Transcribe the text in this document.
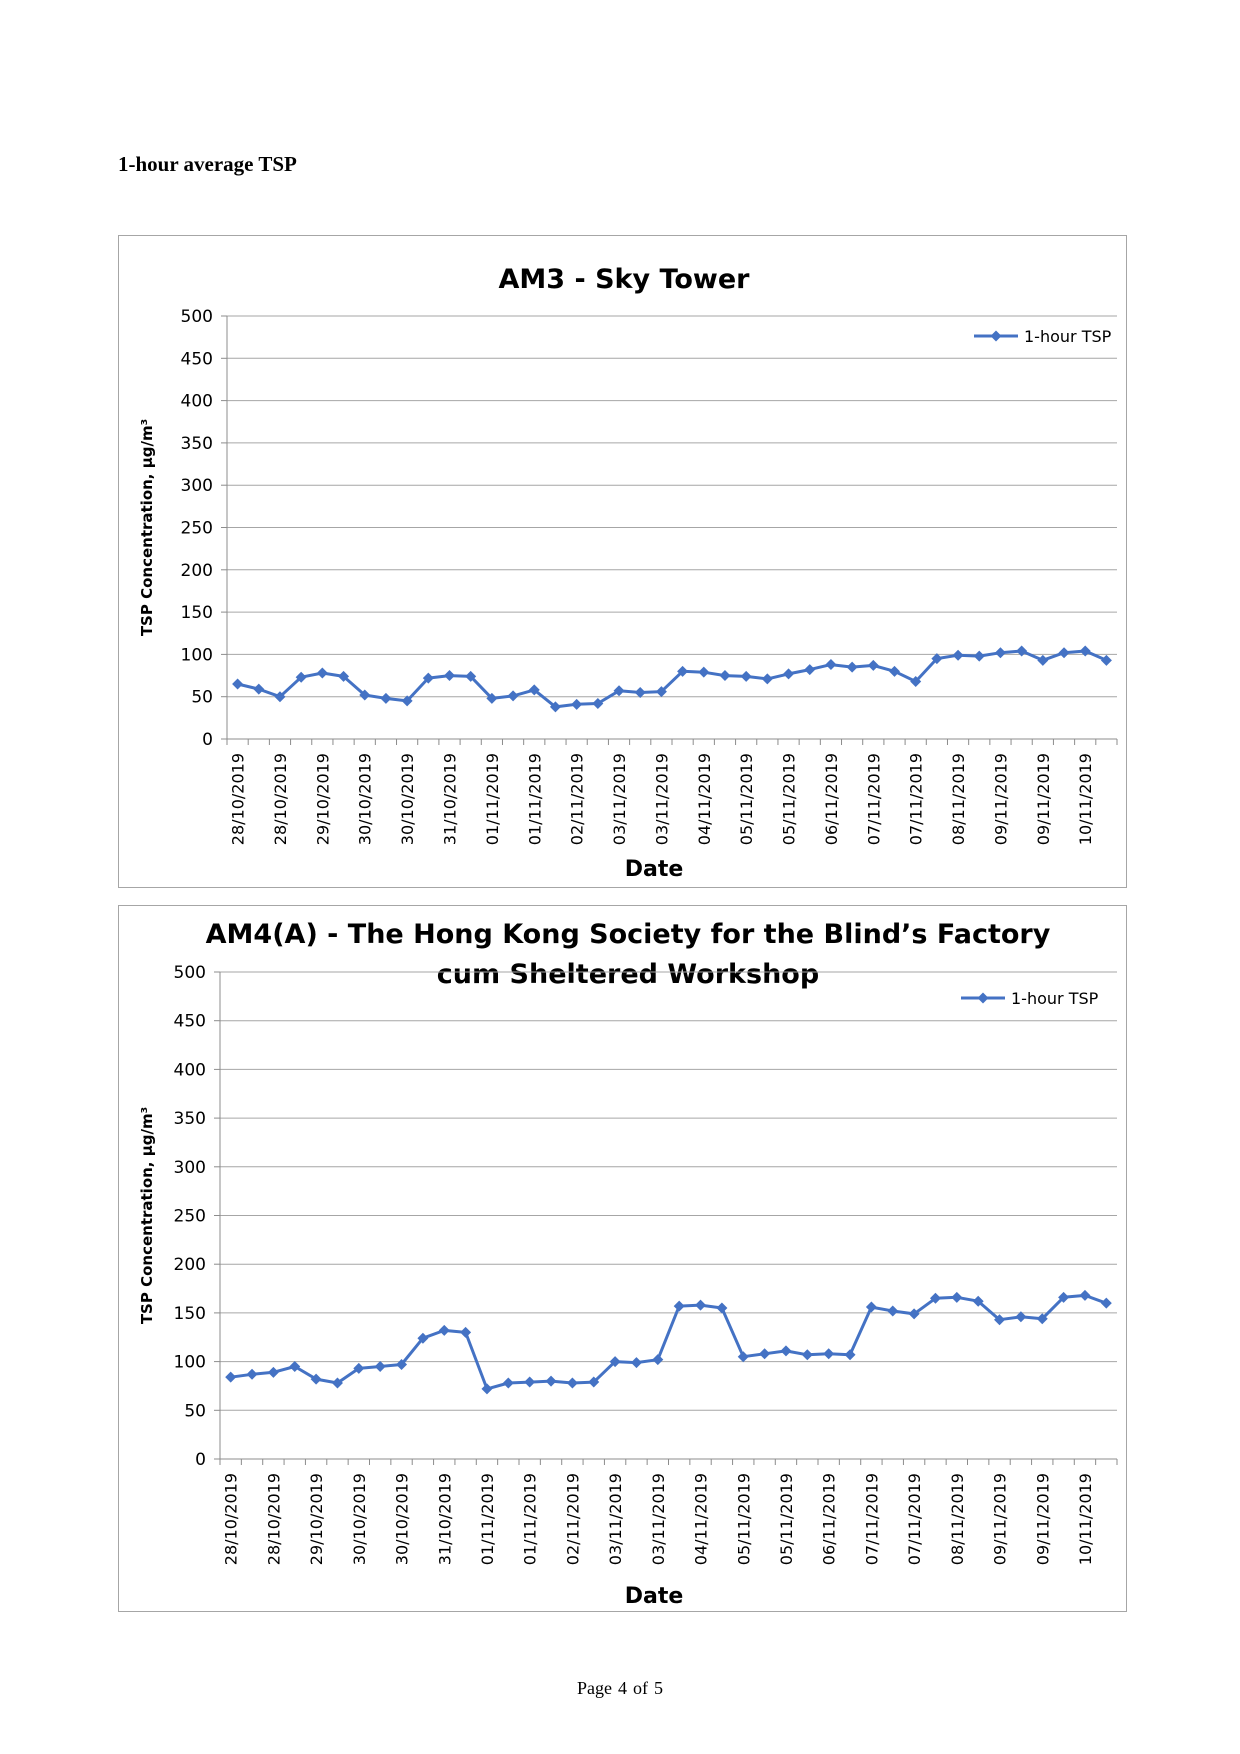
1-hour average TSP
AM3 - Sky Tower
0
50
100
150
200
250
300
350
400
450
500
28/10/2019 28/10/2019 29/10/2019 30/10/2019 30/10/2019 31/10/2019 01/11/2019 01/11/2019 02/11/2019 03/11/2019 03/11/2019 04/11/2019 05/11/2019 05/11/2019 06/11/2019 07/11/2019 07/11/2019 08/11/2019 09/11/2019 09/11/2019 10/11/2019
Date
TSP Concentration, µg/m³
1-hour TSP
AM4(A) - The Hong Kong Society for the Blind’s Factory
cum Sheltered Workshop
0
50
100
150
200
250
300
350
400
450
500
28/10/2019 28/10/2019 29/10/2019 30/10/2019 30/10/2019 31/10/2019 01/11/2019 01/11/2019 02/11/2019 03/11/2019 03/11/2019 04/11/2019 05/11/2019 05/11/2019 06/11/2019 07/11/2019 07/11/2019 08/11/2019 09/11/2019 09/11/2019 10/11/2019
Date
TSP Concentration, µg/m³
1-hour TSP
Page 4 of 5
